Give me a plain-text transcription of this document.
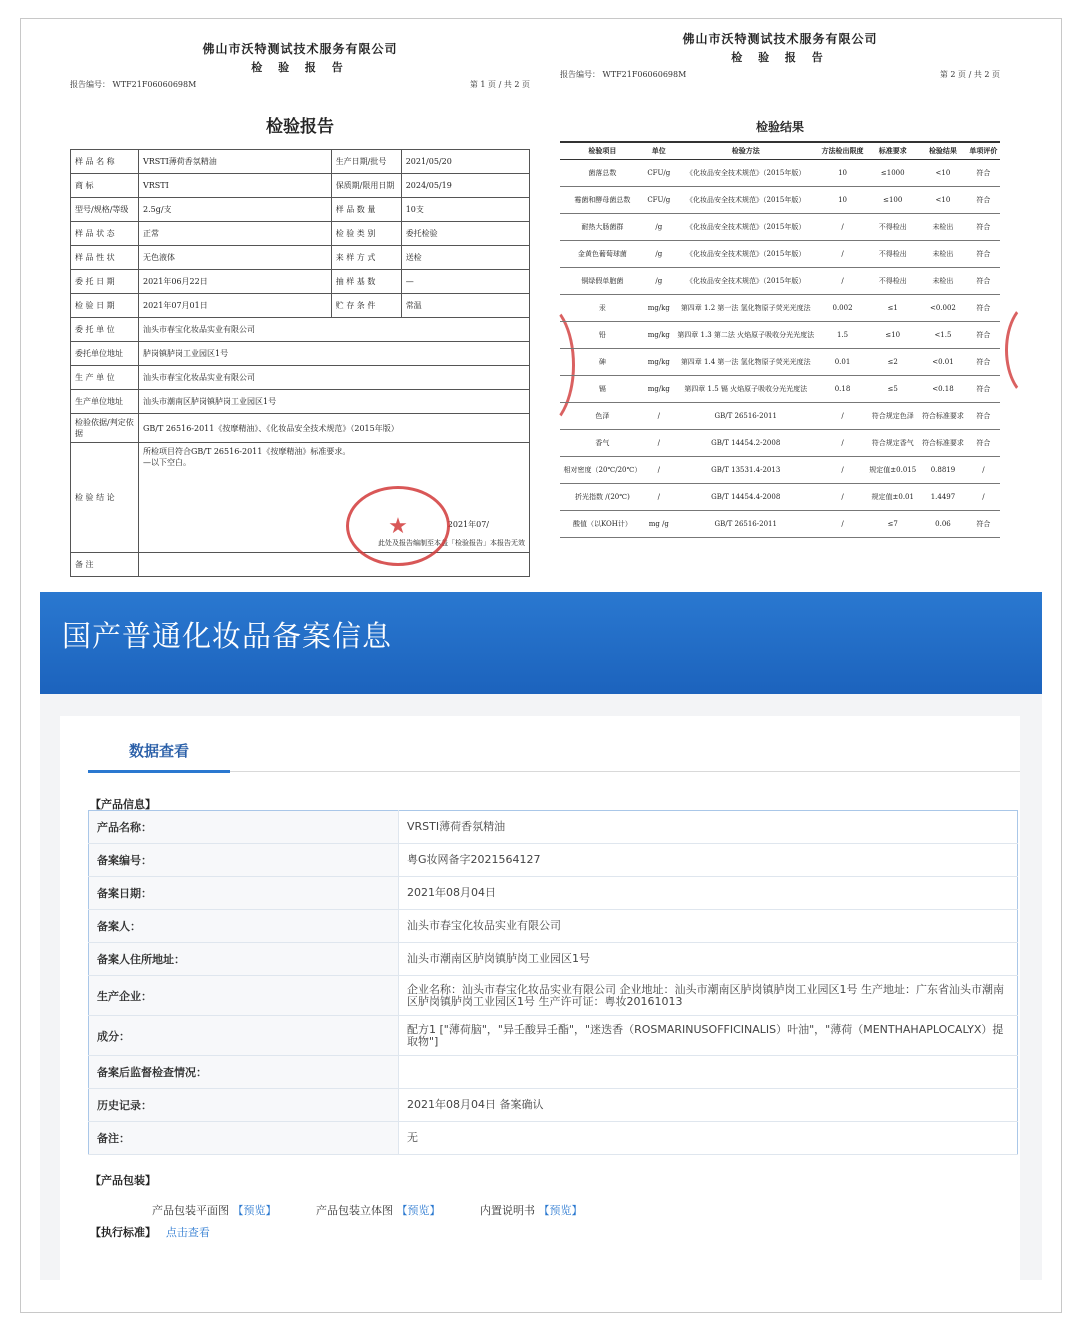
佛山市沃特测试技术服务有限公司
检 验 报 告
报告编号： WTF21F06060698M	第 1 页 / 共 2 页
检验报告
样 品 名 称	VRSTI薄荷香氛精油	生产日期/批号	2021/05/20
商 标	VRSTI	保质期/限用日期	2024/05/19
型号/规格/等级	2.5g/支	样 品 数 量	10支
样 品 状 态	正常	检 验 类 别	委托检验
样 品 性 状	无色液体	来 样 方 式	送检
委 托 日 期	2021年06月22日	抽 样 基 数	—
检 验 日 期	2021年07月01日	贮 存 条 件	常温
委 托 单 位	汕头市春宝化妆品实业有限公司		
委托单位地址	胪岗镇胪岗工业园区1号		
生 产 单 位	汕头市春宝化妆品实业有限公司		
生产单位地址	汕头市潮南区胪岗镇胪岗工业园区1号		
检验依据/判定依据	GB/T 26516-2011《按摩精油》、《化妆品安全技术规范》（2015年版）		
检 验 结 论	所检项目符合GB/T 26516-2011《按摩精油》标准要求。
—以下空白。
2021年07/
此处及报告编制至本盖「检验报告」本报告无效		

备 注			
★
佛山市沃特测试技术服务有限公司
检 验 报 告
报告编号： WTF21F06060698M	第 2 页 / 共 2 页
检验结果
检验项目	单位	检验方法	方法检出限度	标准要求	检验结果	单项评价
菌落总数	CFU/g	《化妆品安全技术规范》（2015年版）	10	≤1000	<10	符合
霉菌和酵母菌总数	CFU/g	《化妆品安全技术规范》（2015年版）	10	≤100	<10	符合
耐热大肠菌群	/g	《化妆品安全技术规范》（2015年版）	/	不得检出	未检出	符合
金黄色葡萄球菌	/g	《化妆品安全技术规范》（2015年版）	/	不得检出	未检出	符合
铜绿假单胞菌	/g	《化妆品安全技术规范》（2015年版）	/	不得检出	未检出	符合
汞	mg/kg	第四章 1.2 第一法 氢化物原子荧光光度法	0.002	≤1	<0.002	符合
铅	mg/kg	第四章 1.3 第二法 火焰原子吸收分光光度法	1.5	≤10	<1.5	符合
砷	mg/kg	第四章 1.4 第一法 氢化物原子荧光光度法	0.01	≤2	<0.01	符合
镉	mg/kg	第四章 1.5 镉 火焰原子吸收分光光度法	0.18	≤5	<0.18	符合
色泽	/	GB/T 26516-2011	/	符合规定色泽	符合标准要求	符合
香气	/	GB/T 14454.2-2008	/	符合规定香气	符合标准要求	符合
相对密度（20℃/20℃）	/	GB/T 13531.4-2013	/	规定值±0.015	0.8819	/
折光指数 /(20℃)	/	GB/T 14454.4-2008	/	规定值±0.01	1.4497	/
酸值（以KOH计）	mg /g	GB/T 26516-2011	/	≤7	0.06	符合
国产普通化妆品备案信息
数据查看
【产品信息】
产品名称：	VRSTI薄荷香氛精油
备案编号：	粤G妆网备字2021564127
备案日期：	2021年08月04日
备案人：	汕头市春宝化妆品实业有限公司
备案人住所地址：	汕头市潮南区胪岗镇胪岗工业园区1号
生产企业：	企业名称：汕头市春宝化妆品实业有限公司 企业地址：汕头市潮南区胪岗镇胪岗工业园区1号 生产地址：广东省汕头市潮南区胪岗镇胪岗工业园区1号 生产许可证：粤妆20161013
成分：	配方1 ["薄荷脑"，"异壬酸异壬酯"，"迷迭香（ROSMARINUSOFFICINALIS）叶油"，"薄荷（MENTHAHAPLOCALYX）提取物"]
备案后监督检查情况：	
历史记录：	2021年08月04日 备案确认
备注：	无
【产品包装】
产品包装平面图 【预览】	产品包装立体图 【预览】	内置说明书 【预览】
【执行标准】 点击查看
